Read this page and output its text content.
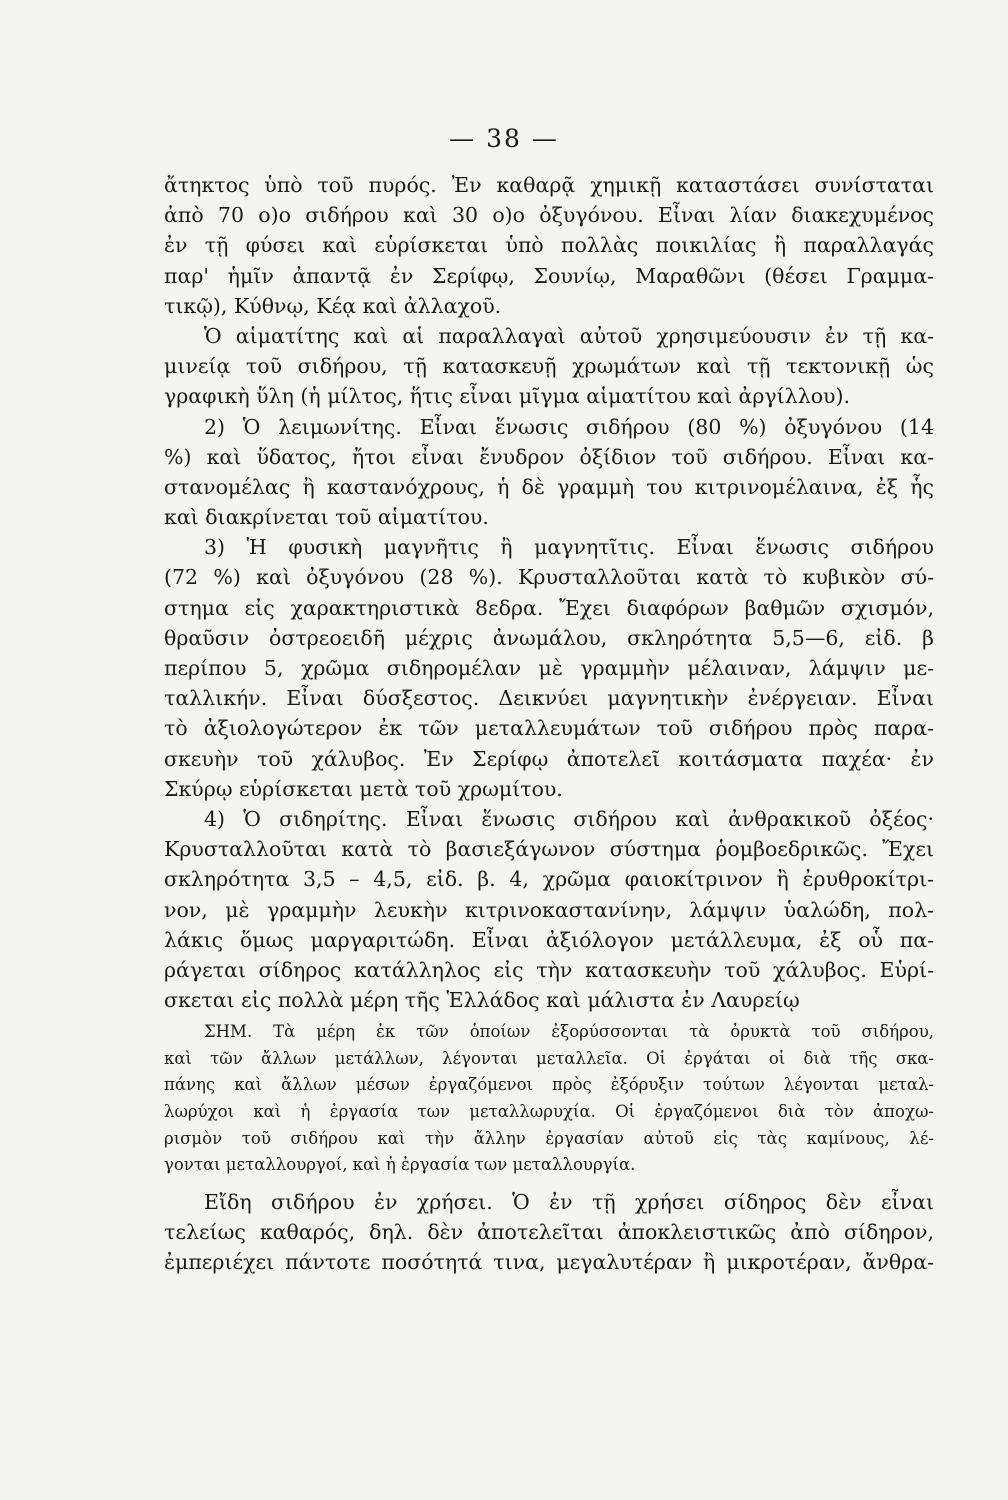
— 38 —
ἄτηκτος ὑπὸ τοῦ πυρός. Ἐν καθαρᾷ χημικῇ καταστάσει συνίσταται
ἀπὸ 70 ο)ο σιδήρου καὶ 30 ο)ο ὀξυγόνου. Εἶναι λίαν διακεχυμένος
ἐν τῇ φύσει καὶ εὑρίσκεται ὑπὸ πολλὰς ποικιλίας ἢ παραλλαγάς
παρ' ἡμῖν ἀπαντᾷ ἐν Σερίφῳ, Σουνίῳ, Μαραθῶνι (θέσει Γραμμα-
τικῷ), Κύθνῳ, Κέᾳ καὶ ἀλλαχοῦ.
Ὁ αἱματίτης καὶ αἱ παραλλαγαὶ αὐτοῦ χρησιμεύουσιν ἐν τῇ κα-
μινείᾳ τοῦ σιδήρου, τῇ κατασκευῇ χρωμάτων καὶ τῇ τεκτονικῇ ὡς
γραφικὴ ὕλη (ἡ μίλτος, ἥτις εἶναι μῖγμα αἱματίτου καὶ ἀργίλλου).
2) Ὁ λειμωνίτης. Εἶναι ἕνωσις σιδήρου (80 %) ὀξυγόνου (14
%) καὶ ὕδατος, ἤτοι εἶναι ἔνυδρον ὀξίδιον τοῦ σιδήρου. Εἶναι κα-
στανομέλας ἢ καστανόχρους, ἡ δὲ γραμμὴ του κιτρινομέλαινα, ἐξ ἧς
καὶ διακρίνεται τοῦ αἱματίτου.
3) Ἡ φυσικὴ μαγνῆτις ἢ μαγνητῖτις. Εἶναι ἕνωσις σιδήρου
(72 %) καὶ ὀξυγόνου (28 %). Κρυσταλλοῦται κατὰ τὸ κυβικὸν σύ-
στημα εἰς χαρακτηριστικὰ 8εδρα. Ἔχει διαφόρων βαθμῶν σχισμόν,
θραῦσιν ὀστρεοειδῆ μέχρις ἀνωμάλου, σκληρότητα 5,5—6, εἰδ. β
περίπου 5, χρῶμα σιδηρομέλαν μὲ γραμμὴν μέλαιναν, λάμψιν με-
ταλλικήν. Εἶναι δύσξεστος. Δεικνύει μαγνητικὴν ἐνέργειαν. Εἶναι
τὸ ἀξιολογώτερον ἐκ τῶν μεταλλευμάτων τοῦ σιδήρου πρὸς παρα-
σκευὴν τοῦ χάλυβος. Ἐν Σερίφῳ ἀποτελεῖ κοιτάσματα παχέα· ἐν
Σκύρῳ εὑρίσκεται μετὰ τοῦ χρωμίτου.
4) Ὁ σιδηρίτης. Εἶναι ἕνωσις σιδήρου καὶ ἀνθρακικοῦ ὀξέος·
Κρυσταλλοῦται κατὰ τὸ βασιεξάγωνον σύστημα ῥομβοεδρικῶς. Ἔχει
σκληρότητα 3,5 – 4,5, εἰδ. β. 4, χρῶμα φαιοκίτρινον ἢ ἐρυθροκίτρι-
νον, μὲ γραμμὴν λευκὴν κιτρινοκαστανίνην, λάμψιν ὑαλώδη, πολ-
λάκις ὅμως μαργαριτώδη. Εἶναι ἀξιόλογον μετάλλευμα, ἐξ οὗ πα-
ράγεται σίδηρος κατάλληλος εἰς τὴν κατασκευὴν τοῦ χάλυβος. Εὑρί-
σκεται εἰς πολλὰ μέρη τῆς Ἑλλάδος καὶ μάλιστα ἐν Λαυρείῳ
ΣΗΜ. Τὰ μέρη ἐκ τῶν ὁποίων ἐξορύσσονται τὰ ὀρυκτὰ τοῦ σιδήρου,
καὶ τῶν ἄλλων μετάλλων, λέγονται μεταλλεῖα. Οἱ ἐργάται οἱ διὰ τῆς σκα-
πάνης καὶ ἄλλων μέσων ἐργαζόμενοι πρὸς ἐξόρυξιν τούτων λέγονται μεταλ-
λωρύχοι καὶ ἡ ἐργασία των μεταλλωρυχία. Οἱ ἐργαζόμενοι διὰ τὸν ἀποχω-
ρισμὸν τοῦ σιδήρου καὶ τὴν ἄλλην ἐργασίαν αὐτοῦ εἰς τὰς καμίνους, λέ-
γονται μεταλλουργοί, καὶ ἡ ἐργασία των μεταλλουργία.
Εἴδη σιδήρου ἐν χρήσει. Ὁ ἐν τῇ χρήσει σίδηρος δὲν εἶναι
τελείως καθαρός, δηλ. δὲν ἀποτελεῖται ἀποκλειστικῶς ἀπὸ σίδηρον,
ἐμπεριέχει πάντοτε ποσότητά τινα, μεγαλυτέραν ἢ μικροτέραν, ἄνθρα-
